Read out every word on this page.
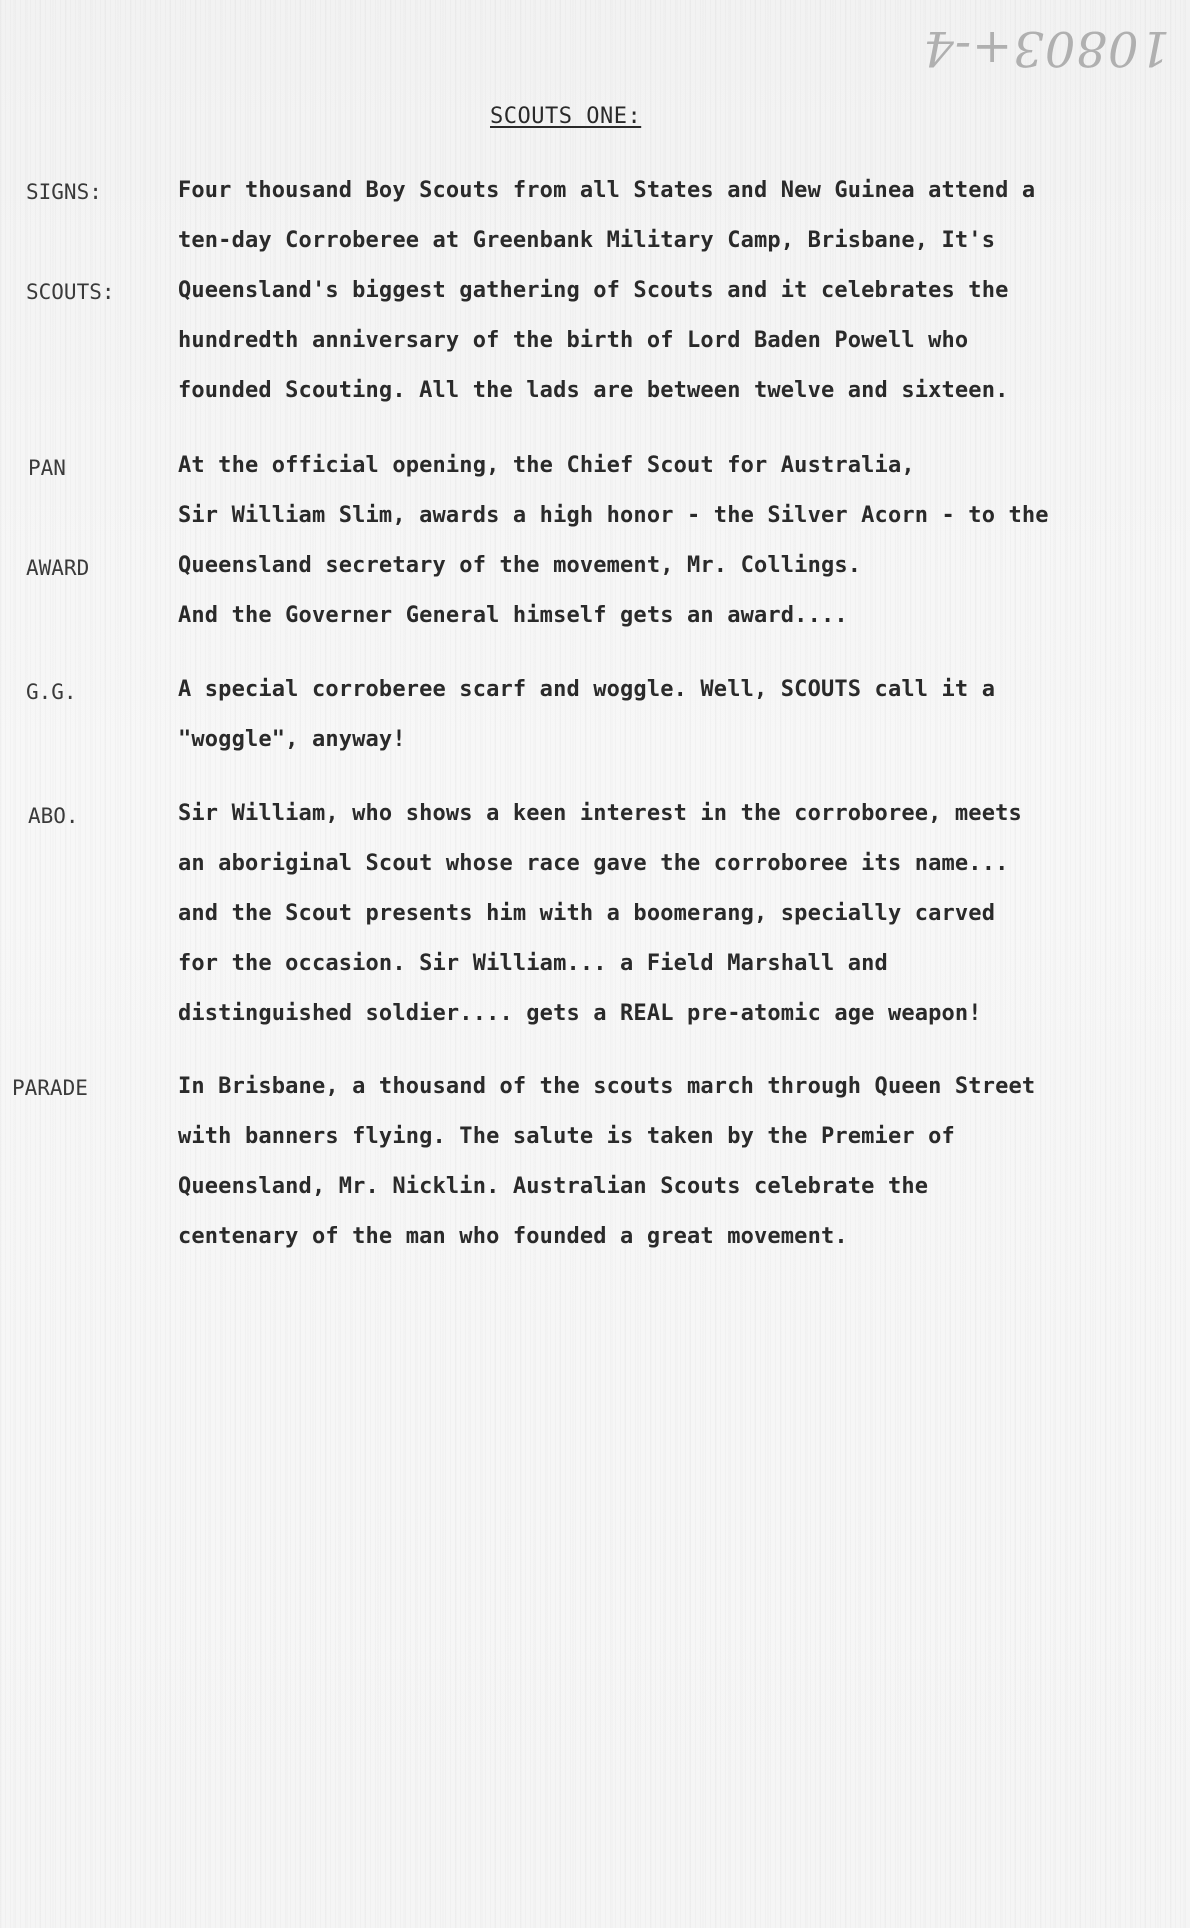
10803+-4
SCOUTS ONE:
SIGNS:
SCOUTS:
PAN
AWARD
G.G.
ABO.
PARADE
Four thousand Boy Scouts from all States and New Guinea attend a
ten-day Corroberee at Greenbank Military Camp, Brisbane, It's
Queensland's biggest gathering of Scouts and it celebrates the
hundredth anniversary of the birth of Lord Baden Powell who
founded Scouting. All the lads are between twelve and sixteen.
At the official opening, the Chief Scout for Australia,
Sir William Slim, awards a high honor - the Silver Acorn - to the
Queensland secretary of the movement, Mr. Collings.
And the Governer General himself gets an award....
A special corroberee scarf and woggle. Well, SCOUTS call it a
"woggle", anyway!
Sir William, who shows a keen interest in the corroboree, meets
an aboriginal Scout whose race gave the corroboree its name...
and the Scout presents him with a boomerang, specially carved
for the occasion. Sir William... a Field Marshall and
distinguished soldier.... gets a REAL pre-atomic age weapon!
In Brisbane, a thousand of the scouts march through Queen Street
with banners flying. The salute is taken by the Premier of
Queensland, Mr. Nicklin. Australian Scouts celebrate the
centenary of the man who founded a great movement.
